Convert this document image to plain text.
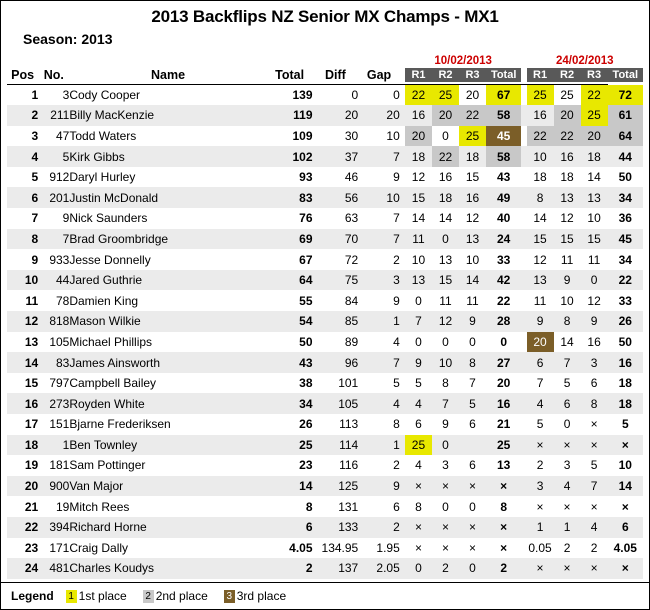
2013 Backflips NZ Senior MX Champs - MX1
Season: 2013
							10/02/2013					24/02/2013			
Pos	No.	Name	Total	Diff	Gap		R1	R2	R3	Total		R1	R2	R3	Total

1	3	Cody Cooper	139	0	0		22	25	20	67		25	25	22	72
2	211	Billy MacKenzie	119	20	20		16	20	22	58		16	20	25	61
3	47	Todd Waters	109	30	10		20	0	25	45		22	22	20	64
4	5	Kirk Gibbs	102	37	7		18	22	18	58		10	16	18	44
5	912	Daryl Hurley	93	46	9		12	16	15	43		18	18	14	50
6	201	Justin McDonald	83	56	10		15	18	16	49		8	13	13	34
7	9	Nick Saunders	76	63	7		14	14	12	40		14	12	10	36
8	7	Brad Groombridge	69	70	7		11	0	13	24		15	15	15	45
9	933	Jesse Donnelly	67	72	2		10	13	10	33		12	11	11	34
10	44	Jared Guthrie	64	75	3		13	15	14	42		13	9	0	22
11	78	Damien King	55	84	9		0	11	11	22		11	10	12	33
12	818	Mason Wilkie	54	85	1		7	12	9	28		9	8	9	26
13	105	Michael Phillips	50	89	4		0	0	0	0		20	14	16	50
14	83	James Ainsworth	43	96	7		9	10	8	27		6	7	3	16
15	797	Campbell Bailey	38	101	5		5	8	7	20		7	5	6	18
16	273	Royden White	34	105	4		4	7	5	16		4	6	8	18
17	151	Bjarne Frederiksen	26	113	8		6	9	6	21		5	0	×	5
18	1	Ben Townley	25	114	1		25	0		25		×	×	×	×
19	181	Sam Pottinger	23	116	2		4	3	6	13		2	3	5	10
20	900	Van Major	14	125	9		×	×	×	×		3	4	7	14
21	19	Mitch Rees	8	131	6		8	0	0	8		×	×	×	×
22	394	Richard Horne	6	133	2		×	×	×	×		1	1	4	6
23	171	Craig Dally	4.05	134.95	1.95		×	×	×	×		0.05	2	2	4.05
24	481	Charles Koudys	2	137	2.05		0	2	0	2		×	×	×	×
Legend 1 1st place 2 2nd place 3 3rd place
